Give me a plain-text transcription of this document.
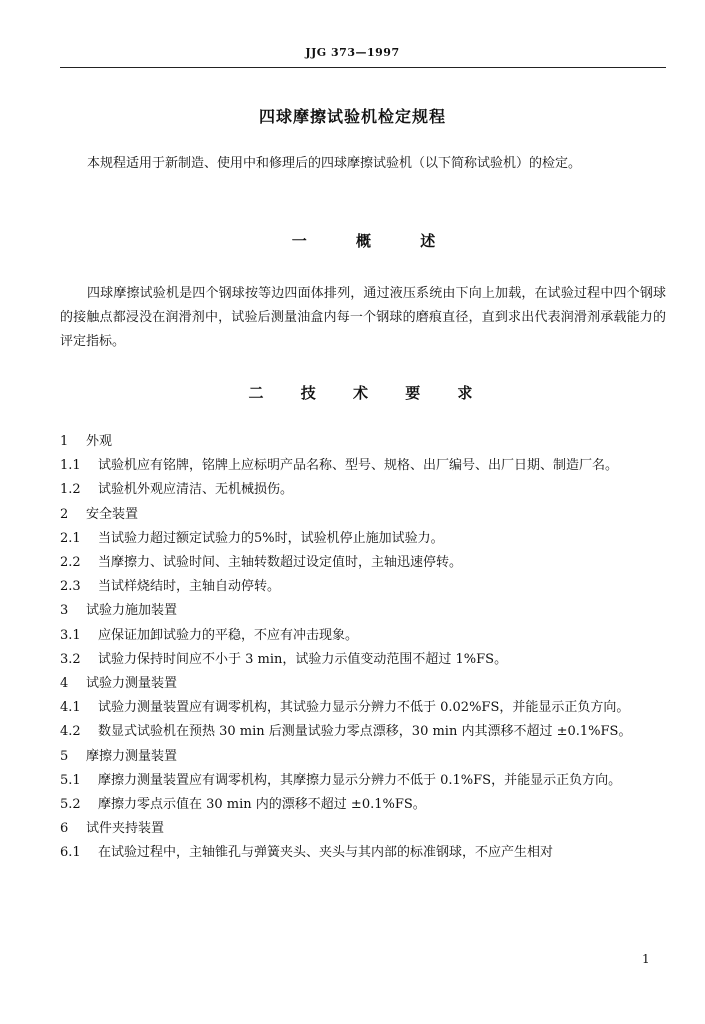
JJG 373—1997
四球摩擦试验机检定规程

本规程适用于新制造、使用中和修理后的四球摩擦试验机（以下简称试验机）的检定。

一 概 述

四球摩擦试验机是四个钢球按等边四面体排列，通过液压系统由下向上加载，在试验过程中四个钢球的接触点都浸没在润滑剂中，试验后测量油盒内每一个钢球的磨痕直径，直到求出代表润滑剂承载能力的评定指标。

二 技 术 要 求

1 外观

1.1 试验机应有铭牌，铭牌上应标明产品名称、型号、规格、出厂编号、出厂日期、制造厂名。

1.2 试验机外观应清洁、无机械损伤。

2 安全装置

2.1 当试验力超过额定试验力的5%时，试验机停止施加试验力。

2.2 当摩擦力、试验时间、主轴转数超过设定值时，主轴迅速停转。

2.3 当试样烧结时，主轴自动停转。

3 试验力施加装置

3.1 应保证加卸试验力的平稳，不应有冲击现象。

3.2 试验力保持时间应不小于 3 min，试验力示值变动范围不超过 1%FS。

4 试验力测量装置

4.1 试验力测量装置应有调零机构，其试验力显示分辨力不低于 0.02%FS，并能显示正负方向。

4.2 数显式试验机在预热 30 min 后测量试验力零点漂移，30 min 内其漂移不超过 ±0.1%FS。

5 摩擦力测量装置

5.1 摩擦力测量装置应有调零机构，其摩擦力显示分辨力不低于 0.1%FS，并能显示正负方向。

5.2 摩擦力零点示值在 30 min 内的漂移不超过 ±0.1%FS。

6 试件夹持装置

6.1 在试验过程中，主轴锥孔与弹簧夹头、夹头与其内部的标准钢球，不应产生相对

1
